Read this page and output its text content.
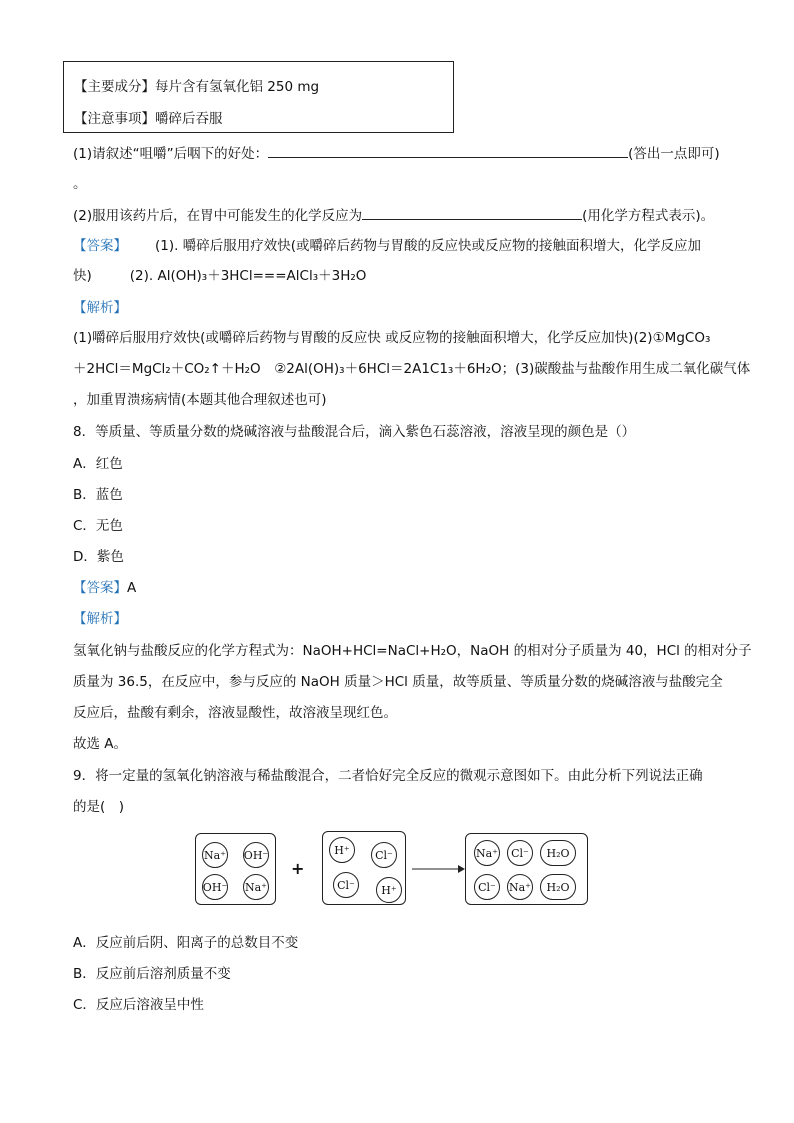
【主要成分】每片含有氢氧化铝 250 mg
【注意事项】嚼碎后吞服
(1)请叙述“咀嚼”后咽下的好处：	(答出一点即可)
。
(2)服用该药片后，在胃中可能发生的化学反应为	(用化学方程式表示)。
【答案】 (1). 嚼碎后服用疗效快(或嚼碎后药物与胃酸的反应快或反应物的接触面积增大，化学反应加
快)	(2). Al(OH)₃＋3HCl===AlCl₃＋3H₂O
【解析】
(1)嚼碎后服用疗效快(或嚼碎后药物与胃酸的反应快 或反应物的接触面积增大，化学反应加快)(2)①MgCO₃
＋2HCl＝MgCl₂＋CO₂↑＋H₂O　②2Al(OH)₃＋6HCl＝2A1C1₃＋6H₂O；(3)碳酸盐与盐酸作用生成二氧化碳气体
，加重胃溃疡病情(本题其他合理叙述也可)
8．等质量、等质量分数的烧碱溶液与盐酸混合后，滴入紫色石蕊溶液，溶液呈现的颜色是（）
A．红色
B．蓝色
C．无色
D．紫色
【答案】A
【解析】
氢氧化钠与盐酸反应的化学方程式为：NaOH+HCl=NaCl+H₂O，NaOH 的相对分子质量为 40，HCl 的相对分子
质量为 36.5，在反应中，参与反应的 NaOH 质量＞HCl 质量，故等质量、等质量分数的烧碱溶液与盐酸完全
反应后，盐酸有剩余，溶液显酸性，故溶液呈现红色。
故选 A。
9．将一定量的氢氧化钠溶液与稀盐酸混合，二者恰好完全反应的微观示意图如下。由此分析下列说法正确
的是(　)
Na⁺ OH⁻
OH⁻ Na⁺
+
H⁺	Cl⁻
Cl⁻	H⁺
Na⁺	Cl⁻	H₂O
Cl⁻	Na⁺	H₂O
A．反应前后阴、阳离子的总数目不变
B．反应前后溶剂质量不变
C．反应后溶液呈中性
